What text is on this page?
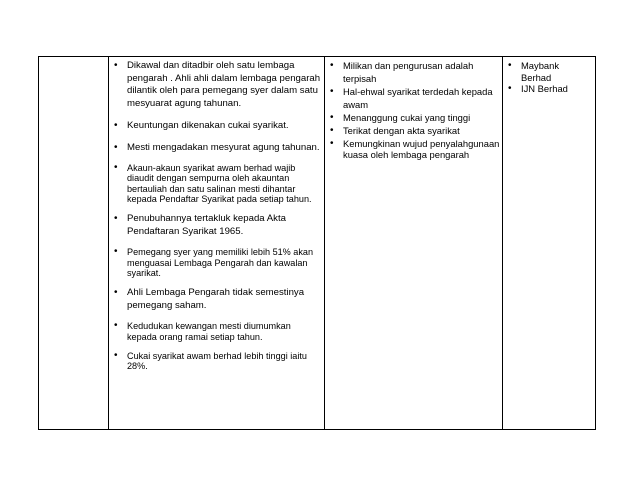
• Dikawal dan ditadbir oleh satu lembaga pengarah . Ahli ahli dalam lembaga pengarah dilantik oleh para pemegang syer dalam satu mesyuarat agung tahunan.
• Keuntungan dikenakan cukai syarikat.
• Mesti mengadakan mesyurat agung tahunan.
• Akaun-akaun syarikat awam berhad wajib diaudit dengan sempurna oleh akauntan bertauliah dan satu salinan mesti dihantar kepada Pendaftar Syarikat pada setiap tahun.
• Penubuhannya tertakluk kepada Akta Pendaftaran Syarikat 1965.
• Pemegang syer yang memiliki lebih 51% akan menguasai Lembaga Pengarah dan kawalan syarikat.
• Ahli Lembaga Pengarah tidak semestinya pemegang saham.
• Kedudukan kewangan mesti diumumkan kepada orang ramai setiap tahun.
• Cukai syarikat awam berhad lebih tinggi iaitu 28%.
• Milikan dan pengurusan adalah terpisah
• Hal-ehwal syarikat terdedah kepada awam
• Menanggung cukai yang tinggi
• Terikat dengan akta syarikat
• Kemungkinan wujud penyalahgunaan kuasa oleh lembaga pengarah
• Maybank Berhad
• IJN Berhad
